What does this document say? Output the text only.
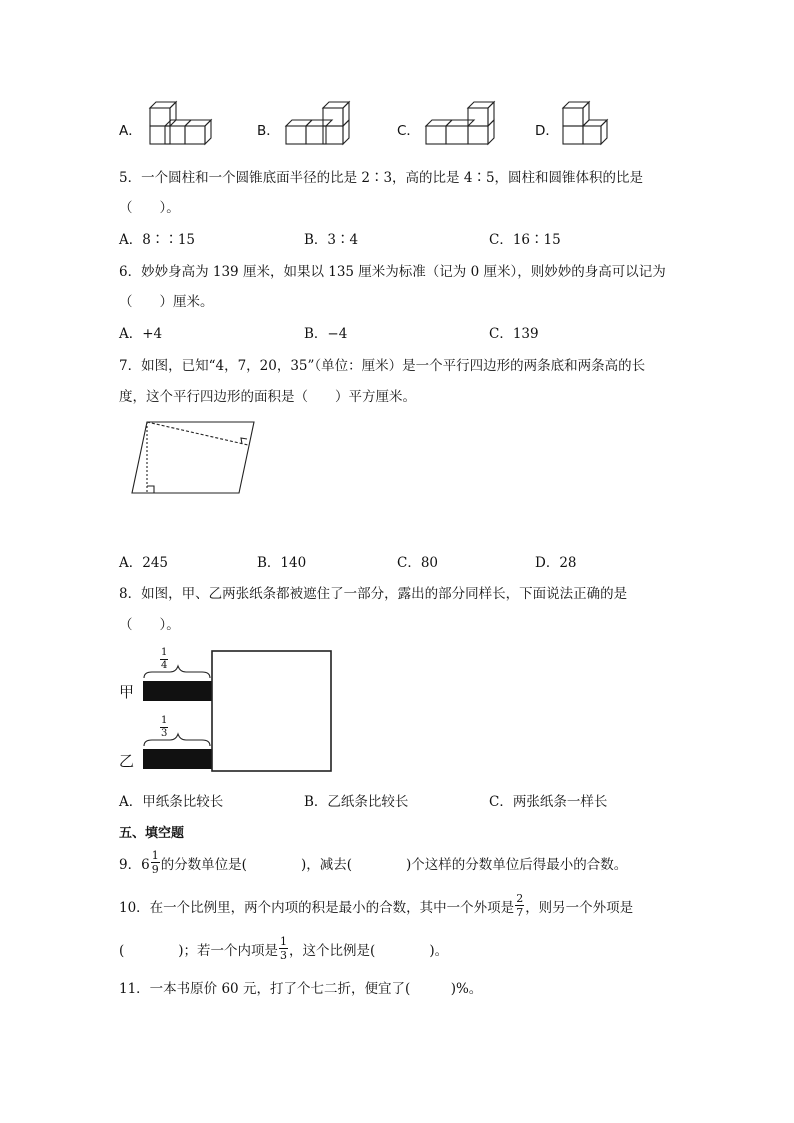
A．	B．	C．	D．
5．一个圆柱和一个圆锥底面半径的比是 2∶3，高的比是 4∶5，圆柱和圆锥体积的比是
（　　）。
A．8∶∶15	B．3∶4	C．16∶15
6．妙妙身高为 139 厘米，如果以 135 厘米为标准（记为 0 厘米），则妙妙的身高可以记为
（　　）厘米。
A．+4	B．−4	C．139
7．如图，已知“4，7，20，35”（单位：厘米）是一个平行四边形的两条底和两条高的长
度，这个平行四边形的面积是（　　）平方厘米。
A．245	B．140	C．80	D．28
8．如图，甲、乙两张纸条都被遮住了一部分，露出的部分同样长，下面说法正确的是
（　　）。
1
4
1
3
甲
乙
A．甲纸条比较长	B．乙纸条比较长	C．两张纸条一样长
五、填空题
9．$6 \frac{1}{9}$ 的分数单位是(　　　　)，减去(　　　　)个这样的分数单位后得最小的合数。
10．在一个比例里，两个内项的积是最小的合数，其中一个外项是 $\frac{2}{7}$ ，则另一个外项是
(　　　　)；若一个内项是 $\frac{1}{3}$ ，这个比例是(　　　　)。
11．一本书原价 60 元，打了个七二折，便宜了(　　　)%。
